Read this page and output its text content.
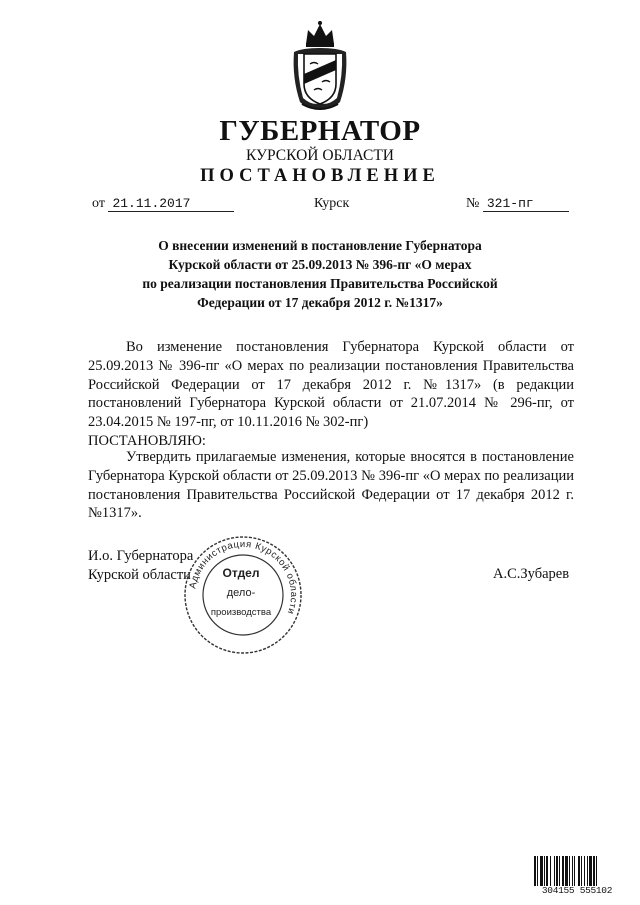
ГУБЕРНАТОР
КУРСКОЙ ОБЛАСТИ
ПОСТАНОВЛЕНИЕ
от 21.11.2017	Курск	№ 321-пг
О внесении изменений в постановление Губернатора
Курской области от 25.09.2013 № 396-пг «О мерах
по реализации постановления Правительства Российской
Федерации от 17 декабря 2012 г. №1317»
Во изменение постановления Губернатора Курской области от 25.09.2013 № 396-пг «О мерах по реализации постановления Правительства Российской Федерации от 17 декабря 2012 г. №1317» (в редакции постановлений Губернатора Курской области от 21.07.2014 № 296-пг, от 23.04.2015 № 197-пг, от 10.11.2016 № 302-пг)
ПОСТАНОВЛЯЮ:
Утвердить прилагаемые изменения, которые вносятся в постановление Губернатора Курской области от 25.09.2013 № 396-пг «О мерах по реализации постановления Правительства Российской Федерации от 17 декабря 2012 г. №1317».
И.о. Губернатора
Курской области	А.С.Зубарев
Администрация Курской области
Отдел
дело-
производства
304155 555102
